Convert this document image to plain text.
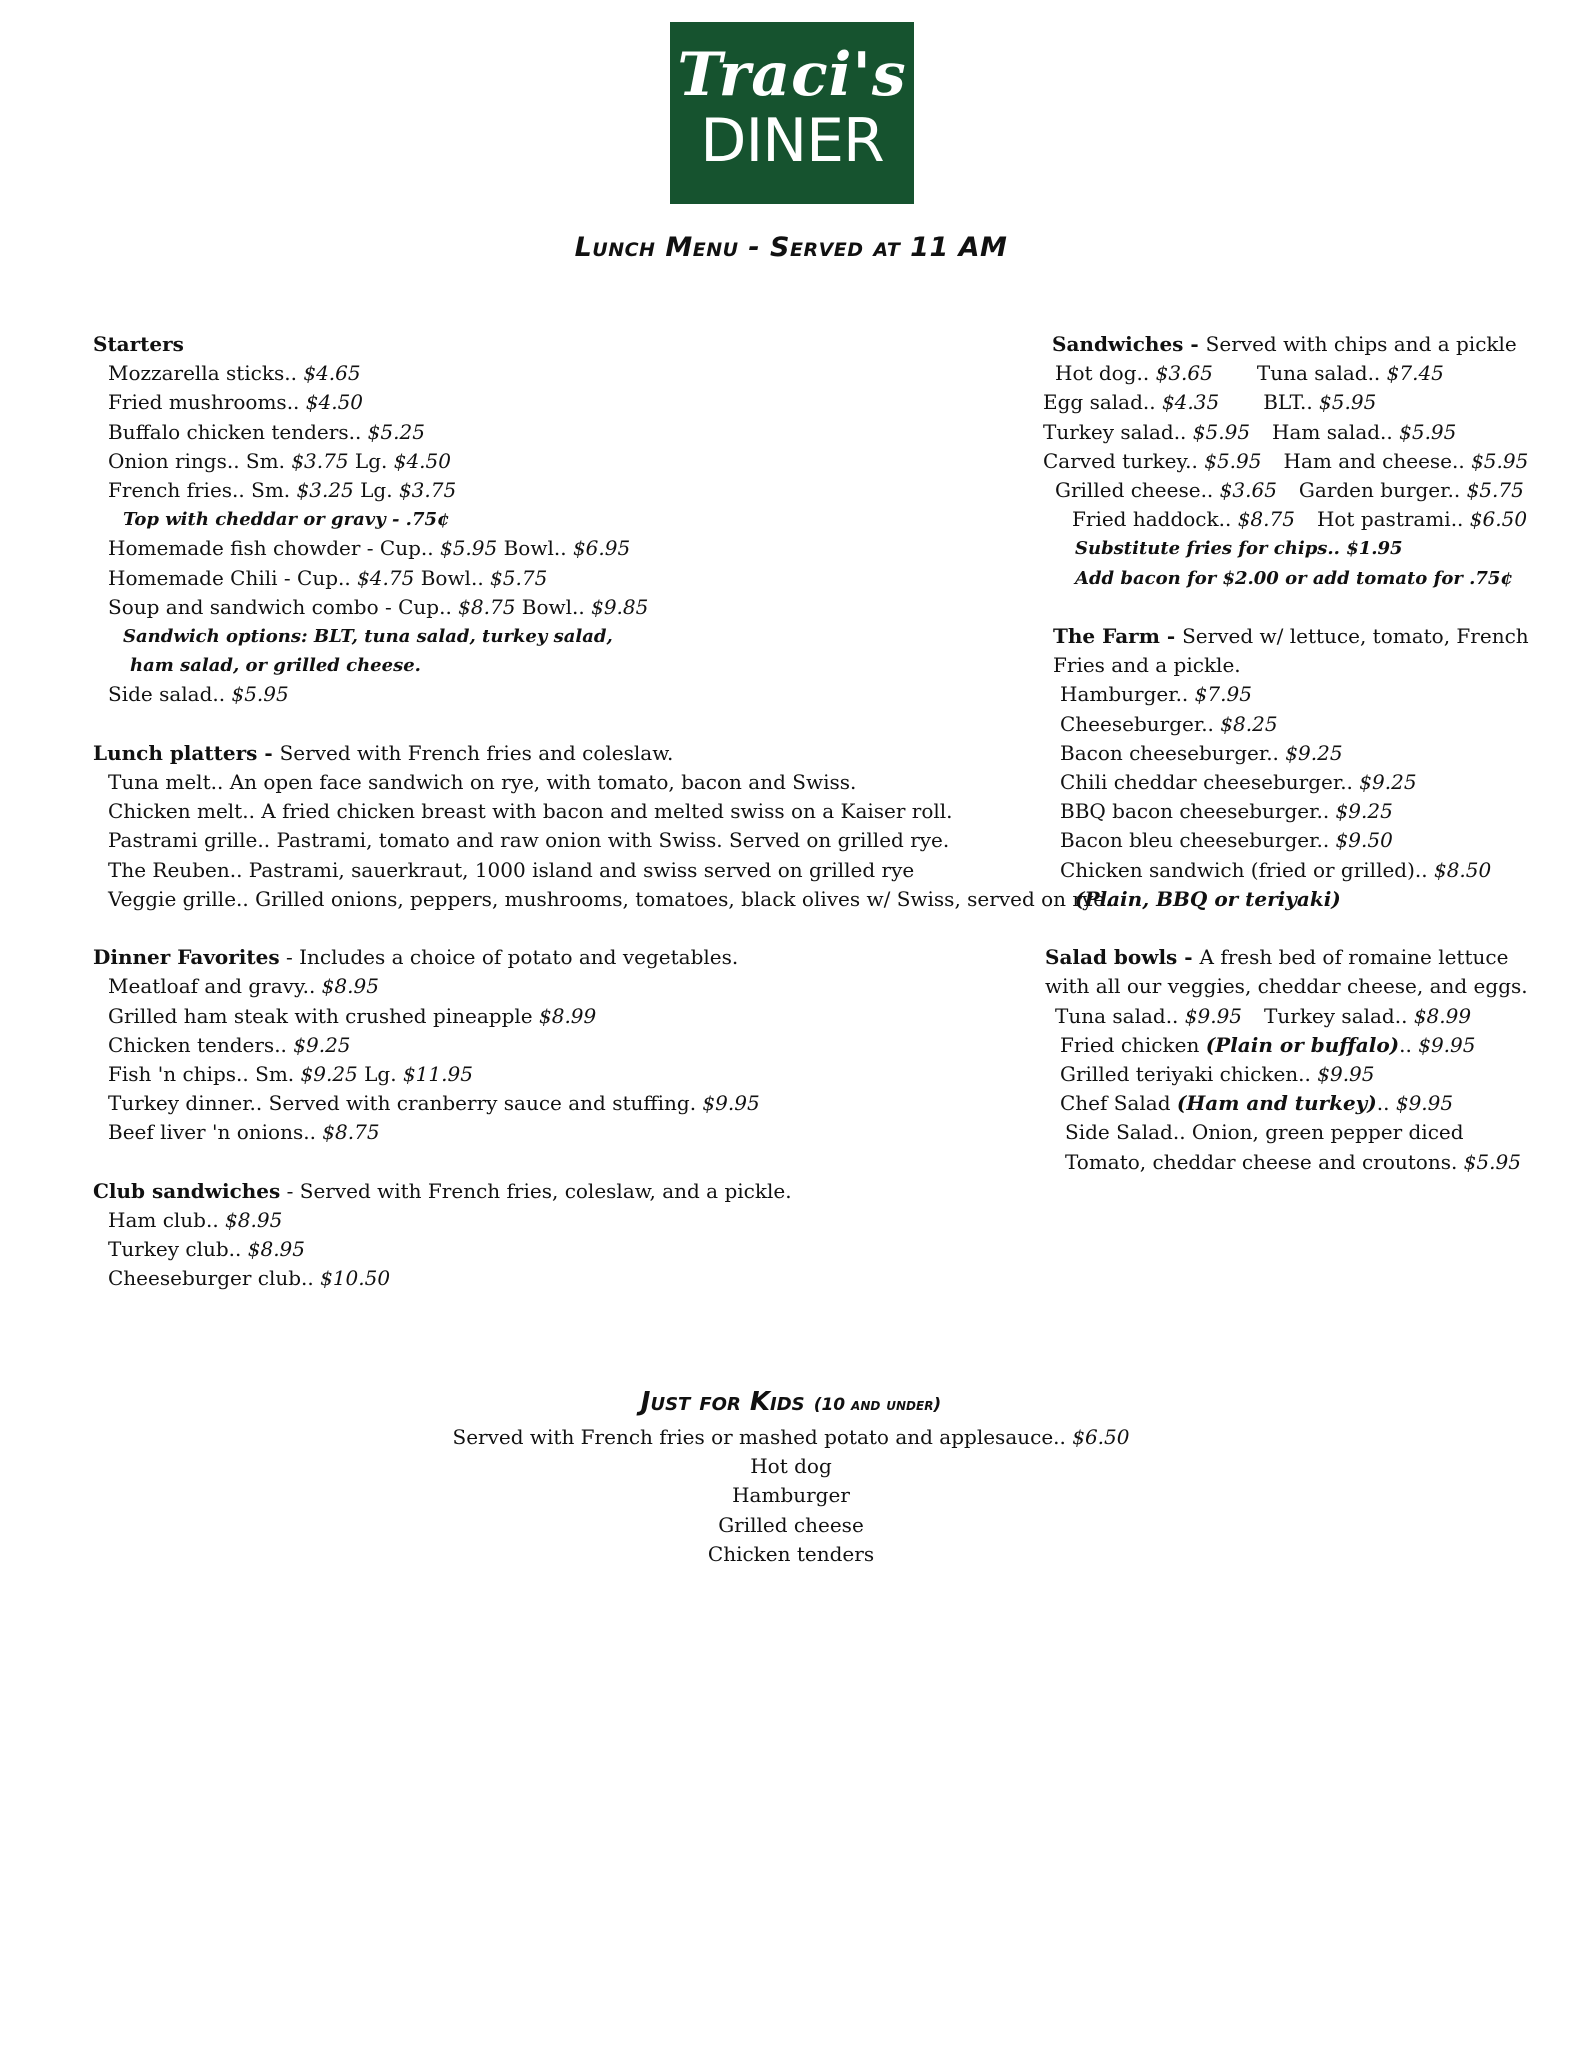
Traci's
DINER
Lunch Menu - Served at 11 AM
Starters
Mozzarella sticks.. $4.65
Fried mushrooms.. $4.50
Buffalo chicken tenders.. $5.25
Onion rings.. Sm. $3.75 Lg. $4.50
French fries.. Sm. $3.25 Lg. $3.75
Top with cheddar or gravy - .75¢
Homemade fish chowder - Cup.. $5.95 Bowl.. $6.95
Homemade Chili - Cup.. $4.75 Bowl.. $5.75
Soup and sandwich combo - Cup.. $8.75 Bowl.. $9.85
Sandwich options: BLT, tuna salad, turkey salad,
ham salad, or grilled cheese.
Side salad.. $5.95
Lunch platters - Served with French fries and coleslaw.
Tuna melt.. An open face sandwich on rye, with tomato, bacon and Swiss.
Chicken melt.. A fried chicken breast with bacon and melted swiss on a Kaiser roll.
Pastrami grille.. Pastrami, tomato and raw onion with Swiss. Served on grilled rye.
The Reuben.. Pastrami, sauerkraut, 1000 island and swiss served on grilled rye
Veggie grille.. Grilled onions, peppers, mushrooms, tomatoes, black olives w/ Swiss, served on rye.
Dinner Favorites - Includes a choice of potato and vegetables.
Meatloaf and gravy.. $8.95
Grilled ham steak with crushed pineapple $8.99
Chicken tenders.. $9.25
Fish 'n chips.. Sm. $9.25 Lg. $11.95
Turkey dinner.. Served with cranberry sauce and stuffing. $9.95
Beef liver 'n onions.. $8.75
Club sandwiches - Served with French fries, coleslaw, and a pickle.
Ham club.. $8.95
Turkey club.. $8.95
Cheeseburger club.. $10.50
Sandwiches - Served with chips and a pickle
Hot dog.. $3.65 Tuna salad.. $7.45
Egg salad.. $4.35 BLT.. $5.95
Turkey salad.. $5.95 Ham salad.. $5.95
Carved turkey.. $5.95 Ham and cheese.. $5.95
Grilled cheese.. $3.65 Garden burger.. $5.75
Fried haddock.. $8.75 Hot pastrami.. $6.50
Substitute fries for chips.. $1.95
Add bacon for $2.00 or add tomato for .75¢
The Farm - Served w/ lettuce, tomato, French
Fries and a pickle.
Hamburger.. $7.95
Cheeseburger.. $8.25
Bacon cheeseburger.. $9.25
Chili cheddar cheeseburger.. $9.25
BBQ bacon cheeseburger.. $9.25
Bacon bleu cheeseburger.. $9.50
Chicken sandwich (fried or grilled).. $8.50
(Plain, BBQ or teriyaki)
Salad bowls - A fresh bed of romaine lettuce
with all our veggies, cheddar cheese, and eggs.
Tuna salad.. $9.95 Turkey salad.. $8.99
Fried chicken (Plain or buffalo).. $9.95
Grilled teriyaki chicken.. $9.95
Chef Salad (Ham and turkey).. $9.95
Side Salad.. Onion, green pepper diced
Tomato, cheddar cheese and croutons. $5.95
Just for Kids (10 and under)
Served with French fries or mashed potato and applesauce.. $6.50
Hot dog
Hamburger
Grilled cheese
Chicken tenders
